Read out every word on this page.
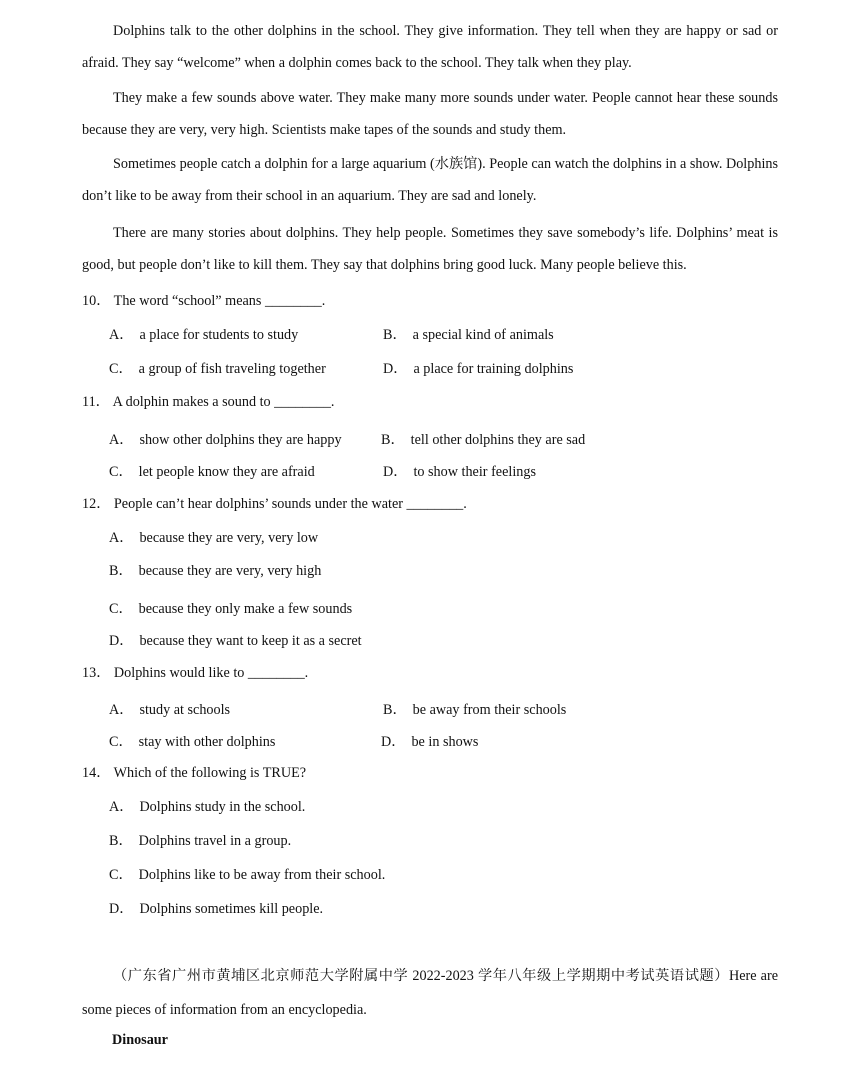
Dolphins talk to the other dolphins in the school. They give information. They tell when they are happy or sad or afraid. They say “welcome” when a dolphin comes back to the school. They talk when they play.

They make a few sounds above water. They make many more sounds under water. People cannot hear these sounds because they are very, very high. Scientists make tapes of the sounds and study them.

Sometimes people catch a dolphin for a large aquarium (水族馆). People can watch the dolphins in a show. Dolphins don’t like to be away from their school in an aquarium. They are sad and lonely.

There are many stories about dolphins. They help people. Sometimes they save somebody’s life. Dolphins’ meat is good, but people don’t like to kill them. They say that dolphins bring good luck. Many people believe this.

10． The word “school” means ________.
A． a place for students to study	B． a special kind of animals
C． a group of fish traveling together	D． a place for training dolphins
11． A dolphin makes a sound to ________.
A． show other dolphins they are happy	B． tell other dolphins they are sad
C． let people know they are afraid	D． to show their feelings
12． People can’t hear dolphins’ sounds under the water ________.
A． because they are very, very low
B． because they are very, very high
C． because they only make a few sounds
D． because they want to keep it as a secret
13． Dolphins would like to ________.
A． study at schools	B． be away from their schools
C． stay with other dolphins	D． be in shows
14． Which of the following is TRUE?
A． Dolphins study in the school.
B． Dolphins travel in a group.
C． Dolphins like to be away from their school.
D． Dolphins sometimes kill people.

（广东省广州市黄埔区北京师范大学附属中学 2022-2023 学年八年级上学期期中考试英语试题）Here are some pieces of information from an encyclopedia.

Dinosaur
